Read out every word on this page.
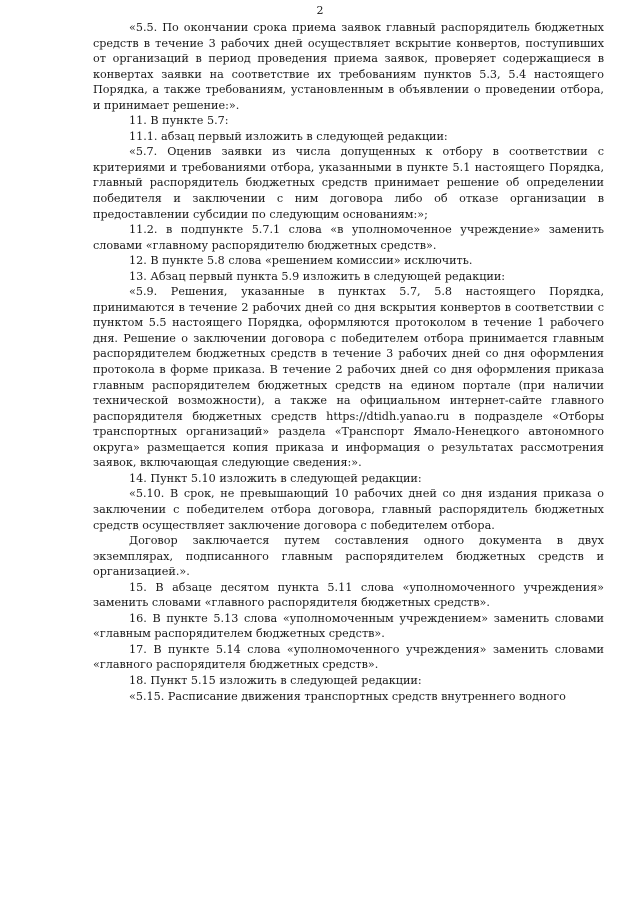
2

«5.5. По окончании срока приема заявок главный распорядитель бюджетных средств в течение 3 рабочих дней осуществляет вскрытие конвертов, поступивших от организаций в период проведения приема заявок, проверяет содержащиеся в конвертах заявки на соответствие их требованиям пунктов 5.3, 5.4 настоящего Порядка, а также требованиям, установленным в объявлении о проведении отбора, и принимает решение:».

11. В пункте 5.7:

11.1. абзац первый изложить в следующей редакции:

«5.7. Оценив заявки из числа допущенных к отбору в соответствии с критериями и требованиями отбора, указанными в пункте 5.1 настоящего Порядка, главный распорядитель бюджетных средств принимает решение об определении победителя и заключении с ним договора либо об отказе организации в предоставлении субсидии по следующим основаниям:»;

11.2. в подпункте 5.7.1 слова «в уполномоченное учреждение» заменить словами «главному распорядителю бюджетных средств».

12. В пункте 5.8 слова «решением комиссии» исключить.

13. Абзац первый пункта 5.9 изложить в следующей редакции:

«5.9. Решения, указанные в пунктах 5.7, 5.8 настоящего Порядка, принимаются в течение 2 рабочих дней со дня вскрытия конвертов в соответствии с пунктом 5.5 настоящего Порядка, оформляются протоколом в течение 1 рабочего дня. Решение о заключении договора с победителем отбора принимается главным распорядителем бюджетных средств в течение 3 рабочих дней со дня оформления протокола в форме приказа. В течение 2 рабочих дней со дня оформления приказа главным распорядителем бюджетных средств на едином портале (при наличии технической возможности), а также на официальном интернет-сайте главного распорядителя бюджетных средств https://dtidh.yanao.ru в подразделе «Отборы транспортных организаций» раздела «Транспорт Ямало-Ненецкого автономного округа» размещается копия приказа и информация о результатах рассмотрения заявок, включающая следующие сведения:».

14. Пункт 5.10 изложить в следующей редакции:

«5.10. В срок, не превышающий 10 рабочих дней со дня издания приказа о заключении с победителем отбора договора, главный распорядитель бюджетных средств осуществляет заключение договора с победителем отбора.

Договор заключается путем составления одного документа в двух экземплярах, подписанного главным распорядителем бюджетных средств и организацией.».

15. В абзаце десятом пункта 5.11 слова «уполномоченного учреждения» заменить словами «главного распорядителя бюджетных средств».

16. В пункте 5.13 слова «уполномоченным учреждением» заменить словами «главным распорядителем бюджетных средств».

17. В пункте 5.14 слова «уполномоченного учреждения» заменить словами «главного распорядителя бюджетных средств».

18. Пункт 5.15 изложить в следующей редакции:

«5.15. Расписание движения транспортных средств внутреннего водного
